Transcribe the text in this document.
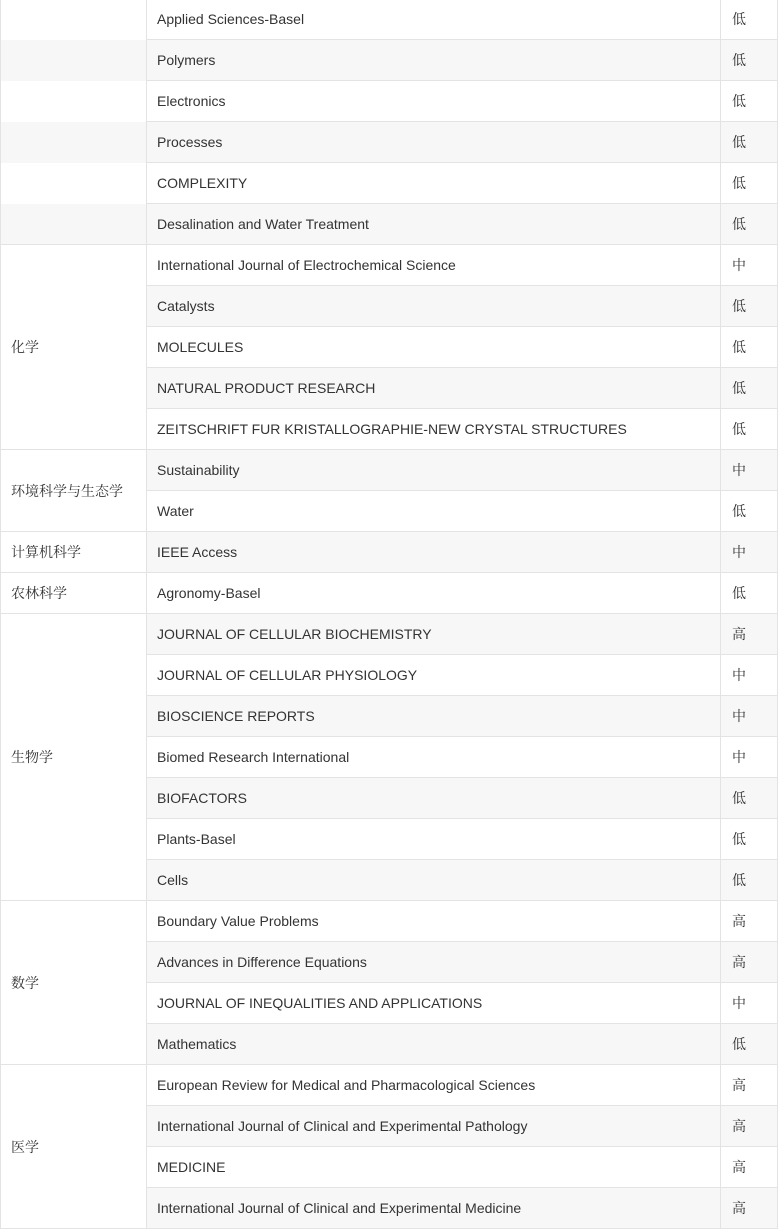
	Applied Sciences-Basel	低
	Polymers	低
	Electronics	低
	Processes	低
	COMPLEXITY	低
	Desalination and Water Treatment	低
化学	International Journal of Electrochemical Science	中
	Catalysts	低
	MOLECULES	低
	NATURAL PRODUCT RESEARCH	低
	ZEITSCHRIFT FUR KRISTALLOGRAPHIE-NEW CRYSTAL STRUCTURES	低
环境科学与生态学	Sustainability	中
	Water	低
计算机科学	IEEE Access	中
农林科学	Agronomy-Basel	低
生物学	JOURNAL OF CELLULAR BIOCHEMISTRY	高
	JOURNAL OF CELLULAR PHYSIOLOGY	中
	BIOSCIENCE REPORTS	中
	Biomed Research International	中
	BIOFACTORS	低
	Plants-Basel	低
	Cells	低
数学	Boundary Value Problems	高
	Advances in Difference Equations	高
	JOURNAL OF INEQUALITIES AND APPLICATIONS	中
	Mathematics	低
医学	European Review for Medical and Pharmacological Sciences	高
	International Journal of Clinical and Experimental Pathology	高
	MEDICINE	高
	International Journal of Clinical and Experimental Medicine	高
